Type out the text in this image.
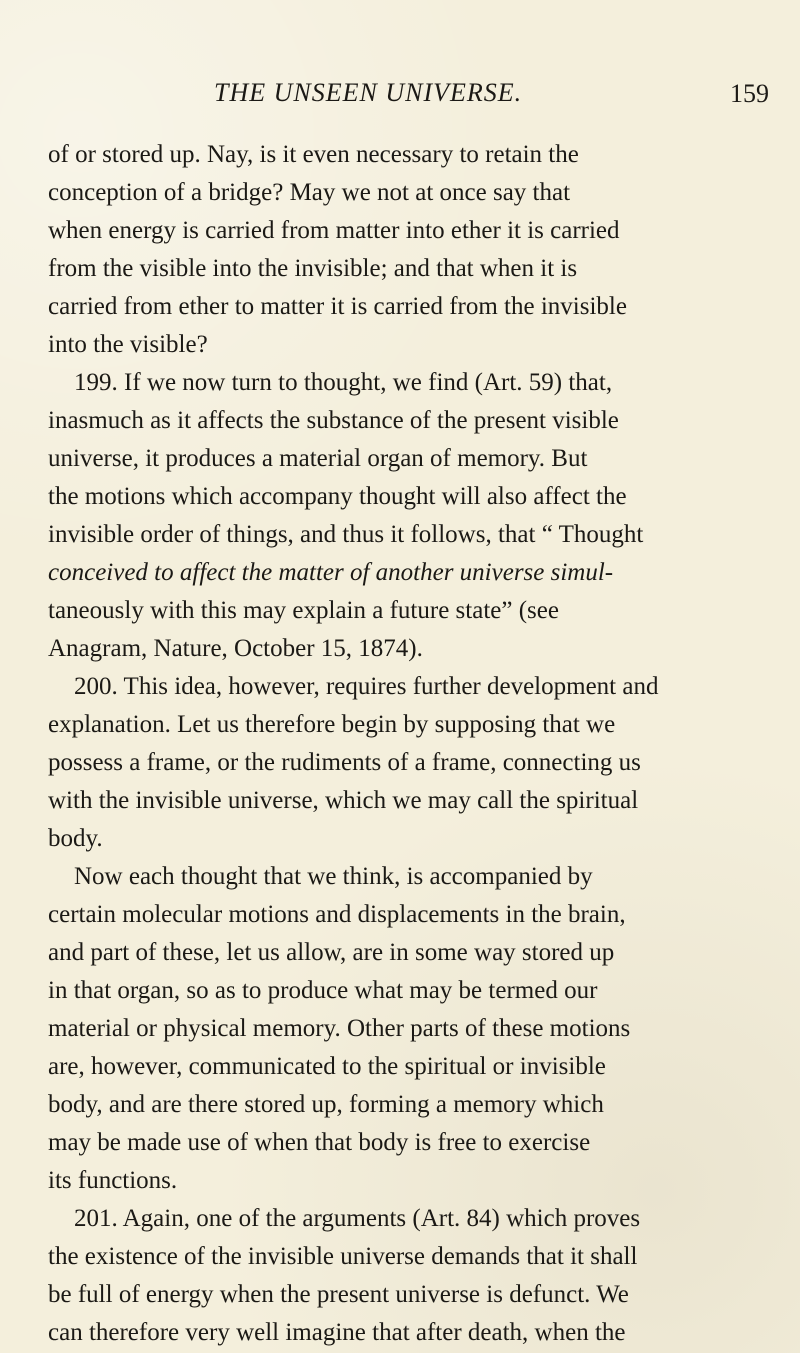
THE UNSEEN UNIVERSE.	159
of or stored up. Nay, is it even necessary to retain the
conception of a bridge? May we not at once say that
when energy is carried from matter into ether it is carried
from the visible into the invisible; and that when it is
carried from ether to matter it is carried from the invisible
into the visible?
199. If we now turn to thought, we find (Art. 59) that,
inasmuch as it affects the substance of the present visible
universe, it produces a material organ of memory. But
the motions which accompany thought will also affect the
invisible order of things, and thus it follows, that “ Thought
conceived to affect the matter of another universe simul-
taneously with this may explain a future state” (see
Anagram, Nature, October 15, 1874).
200. This idea, however, requires further development and
explanation. Let us therefore begin by supposing that we
possess a frame, or the rudiments of a frame, connecting us
with the invisible universe, which we may call the spiritual
body.
Now each thought that we think, is accompanied by
certain molecular motions and displacements in the brain,
and part of these, let us allow, are in some way stored up
in that organ, so as to produce what may be termed our
material or physical memory. Other parts of these motions
are, however, communicated to the spiritual or invisible
body, and are there stored up, forming a memory which
may be made use of when that body is free to exercise
its functions.
201. Again, one of the arguments (Art. 84) which proves
the existence of the invisible universe demands that it shall
be full of energy when the present universe is defunct. We
can therefore very well imagine that after death, when the
